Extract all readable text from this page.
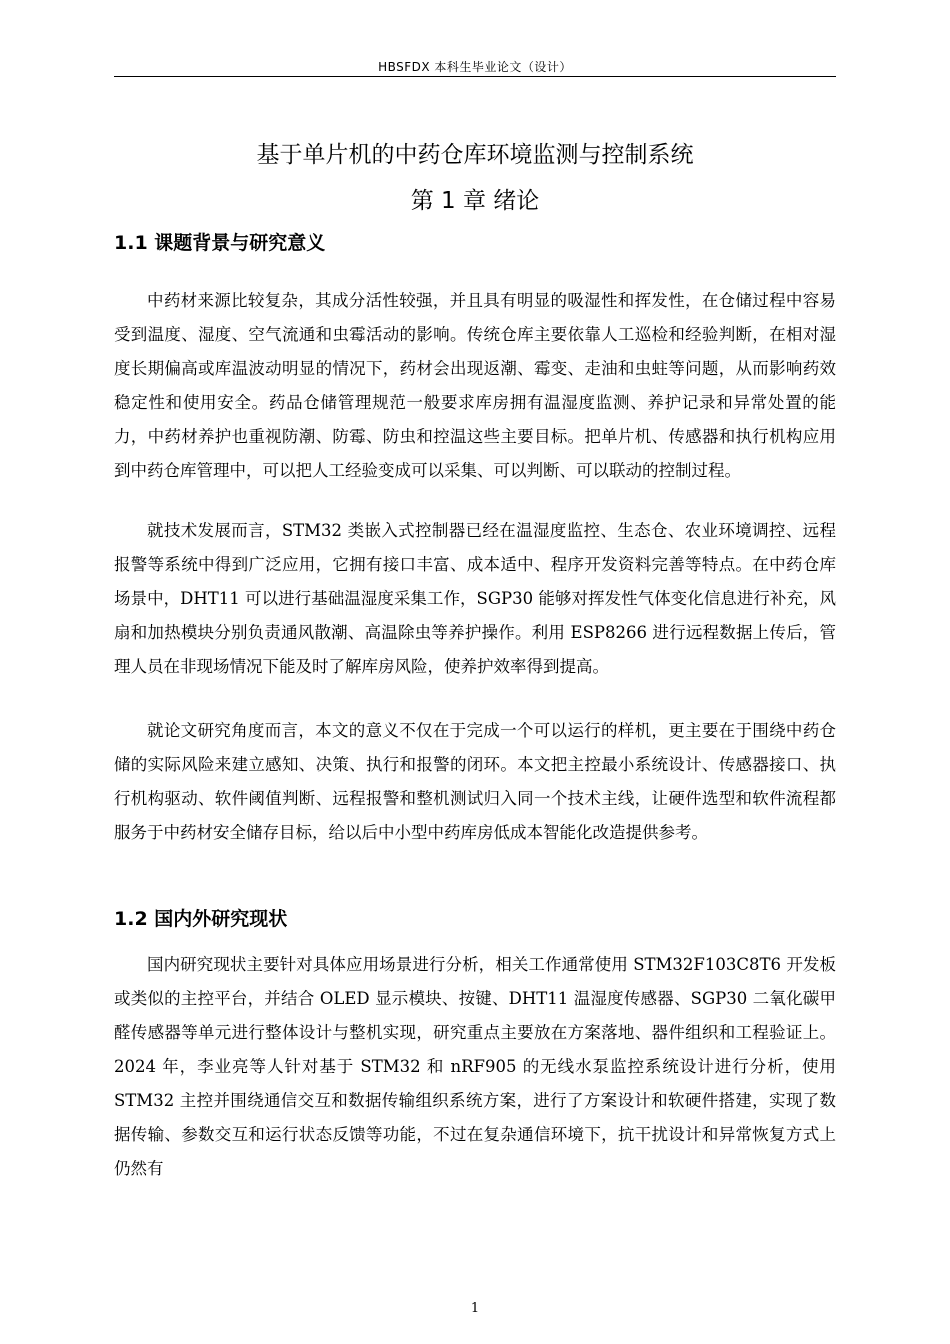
HBSFDX 本科生毕业论文（设计）
基于单片机的中药仓库环境监测与控制系统
第 1 章 绪论
1.1 课题背景与研究意义

中药材来源比较复杂，其成分活性较强，并且具有明显的吸湿性和挥发性，在仓储过程中容易受到温度、湿度、空气流通和虫霉活动的影响。传统仓库主要依靠人工巡检和经验判断，在相对湿度长期偏高或库温波动明显的情况下，药材会出现返潮、霉变、走油和虫蛀等问题，从而影响药效稳定性和使用安全。药品仓储管理规范一般要求库房拥有温湿度监测、养护记录和异常处置的能力，中药材养护也重视防潮、防霉、防虫和控温这些主要目标。把单片机、传感器和执行机构应用到中药仓库管理中，可以把人工经验变成可以采集、可以判断、可以联动的控制过程。

就技术发展而言，STM32 类嵌入式控制器已经在温湿度监控、生态仓、农业环境调控、远程报警等系统中得到广泛应用，它拥有接口丰富、成本适中、程序开发资料完善等特点。在中药仓库场景中，DHT11 可以进行基础温湿度采集工作，SGP30 能够对挥发性气体变化信息进行补充，风扇和加热模块分别负责通风散潮、高温除虫等养护操作。利用 ESP8266 进行远程数据上传后，管理人员在非现场情况下能及时了解库房风险，使养护效率得到提高。

就论文研究角度而言，本文的意义不仅在于完成一个可以运行的样机，更主要在于围绕中药仓储的实际风险来建立感知、决策、执行和报警的闭环。本文把主控最小系统设计、传感器接口、执行机构驱动、软件阈值判断、远程报警和整机测试归入同一个技术主线，让硬件选型和软件流程都服务于中药材安全储存目标，给以后中小型中药库房低成本智能化改造提供参考。

1.2 国内外研究现状

国内研究现状主要针对具体应用场景进行分析，相关工作通常使用 STM32F103C8T6 开发板或类似的主控平台，并结合 OLED 显示模块、按键、DHT11 温湿度传感器、SGP30 二氧化碳甲醛传感器等单元进行整体设计与整机实现，研究重点主要放在方案落地、器件组织和工程验证上。2024 年，李业亮等人针对基于 STM32 和 nRF905 的无线水泵监控系统设计进行分析，使用 STM32 主控并围绕通信交互和数据传输组织系统方案，进行了方案设计和软硬件搭建，实现了数据传输、参数交互和运行状态反馈等功能，不过在复杂通信环境下，抗干扰设计和异常恢复方式上仍然有

1
